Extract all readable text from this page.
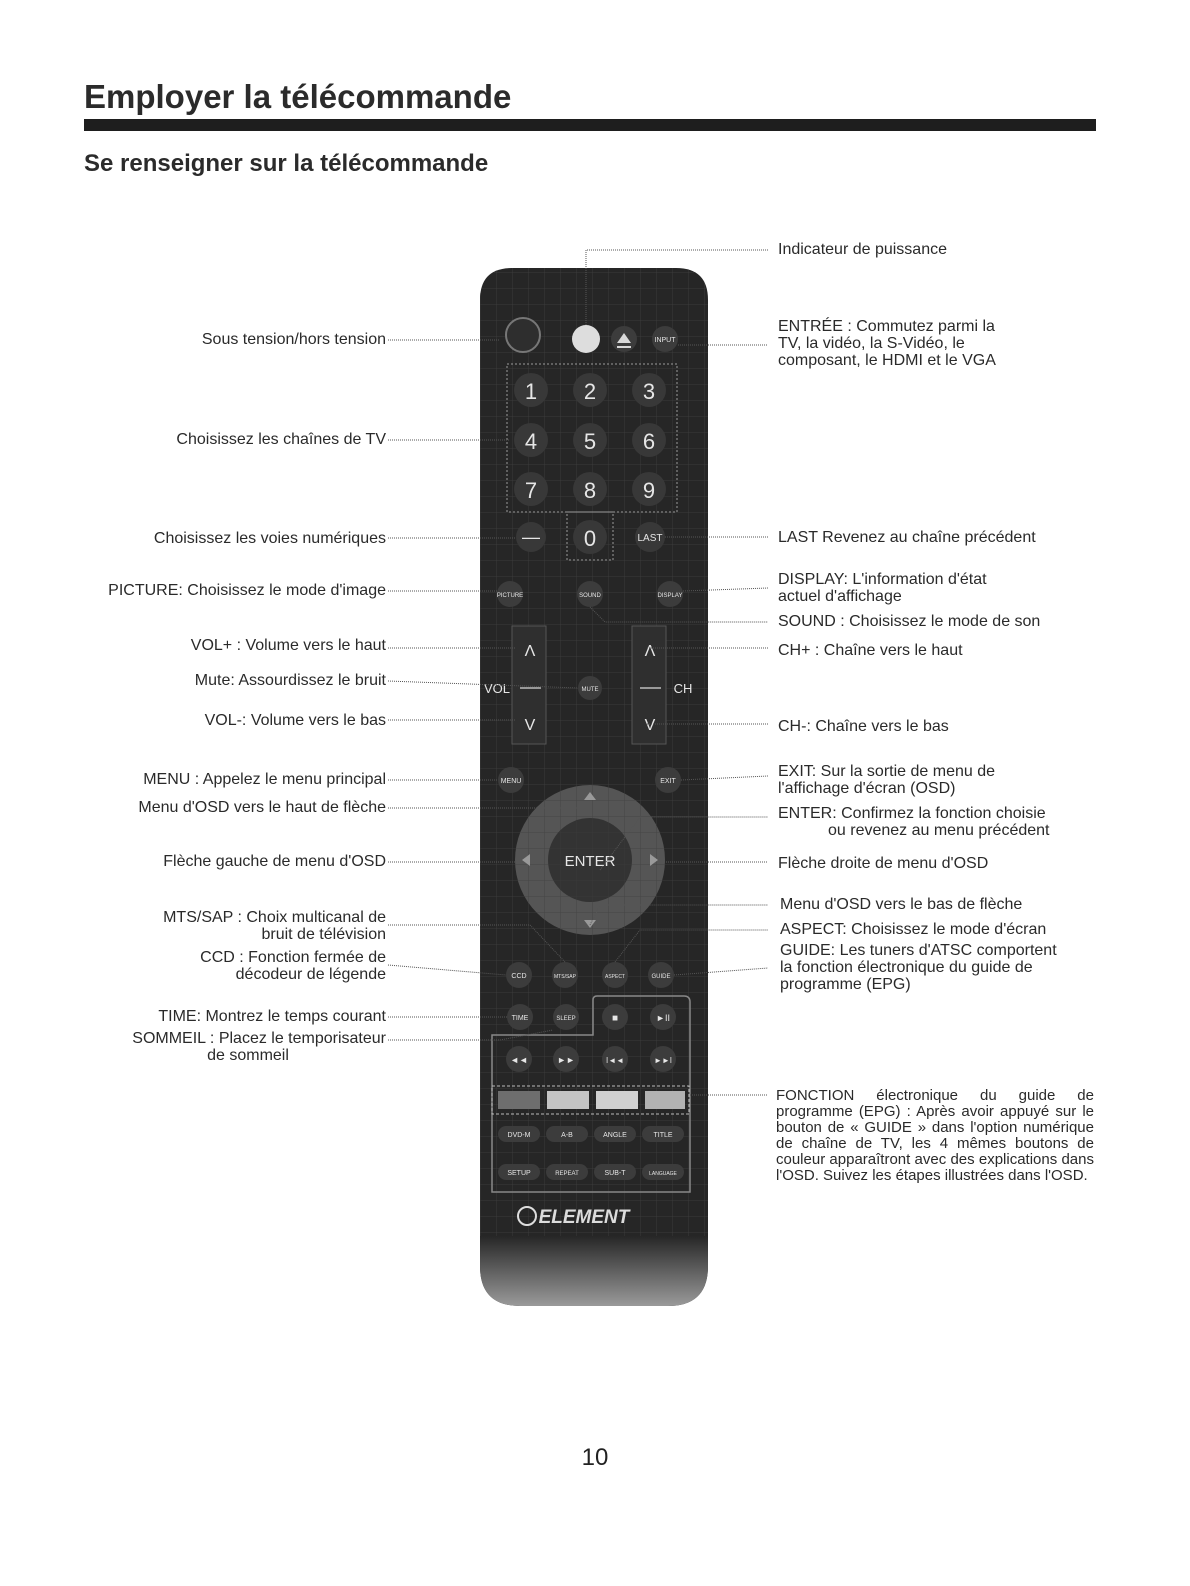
Employer la télécommande
Se renseigner sur la télécommande
INPUT
1 2 3
4 5 6
7 8 9
— 0	LAST
PICTURE	SOUND	DISPLAY
Λ
V
VOL
Λ
V
CH
MUTE
MENU	EXIT
ENTER
CCD	MTS/SAP	ASPECT	GUIDE
TIME	SLEEP	■	►II
◄◄	►►	I◄◄	►►I
DVD-M	A-B	ANGLE	TITLE
SETUP	REPEAT	SUB-T	LANGUAGE
ELEMENT
Sous tension/hors tension
Choisissez les chaînes de TV
Choisissez les voies numériques
PICTURE: Choisissez le mode d'image
VOL+ : Volume vers le haut
Mute: Assourdissez le bruit
VOL-: Volume vers le bas
MENU : Appelez le menu principal
Menu d'OSD vers le haut de flèche
Flèche gauche de menu d'OSD
MTS/SAP : Choix multicanal de
bruit de télévision
CCD : Fonction fermée de
décodeur de légende
TIME: Montrez le temps courant
SOMMEIL : Placez le temporisateur
de sommeil
Indicateur de puissance
ENTRÉE : Commutez parmi la
TV, la vidéo, la S-Vidéo, le
composant, le HDMI et le VGA
LAST Revenez au chaîne précédent
DISPLAY: L'information d'état
actuel d'affichage
SOUND : Choisissez le mode de son
CH+ : Chaîne vers le haut
CH-: Chaîne vers le bas
EXIT: Sur la sortie de menu de
l'affichage d'écran (OSD)
ENTER: Confirmez la fonction choisie
ou revenez au menu précédent
Flèche droite de menu d'OSD
Menu d'OSD vers le bas de flèche
ASPECT: Choisissez le mode d'écran
GUIDE: Les tuners d'ATSC comportent
la fonction électronique du guide de
programme (EPG)
FONCTION électronique du guide de programme (EPG) : Après avoir appuyé sur le bouton de « GUIDE » dans l'option numérique de chaîne de TV, les 4 mêmes boutons de couleur apparaîtront avec des explications dans l'OSD. Suivez les étapes illustrées dans l'OSD.
10
